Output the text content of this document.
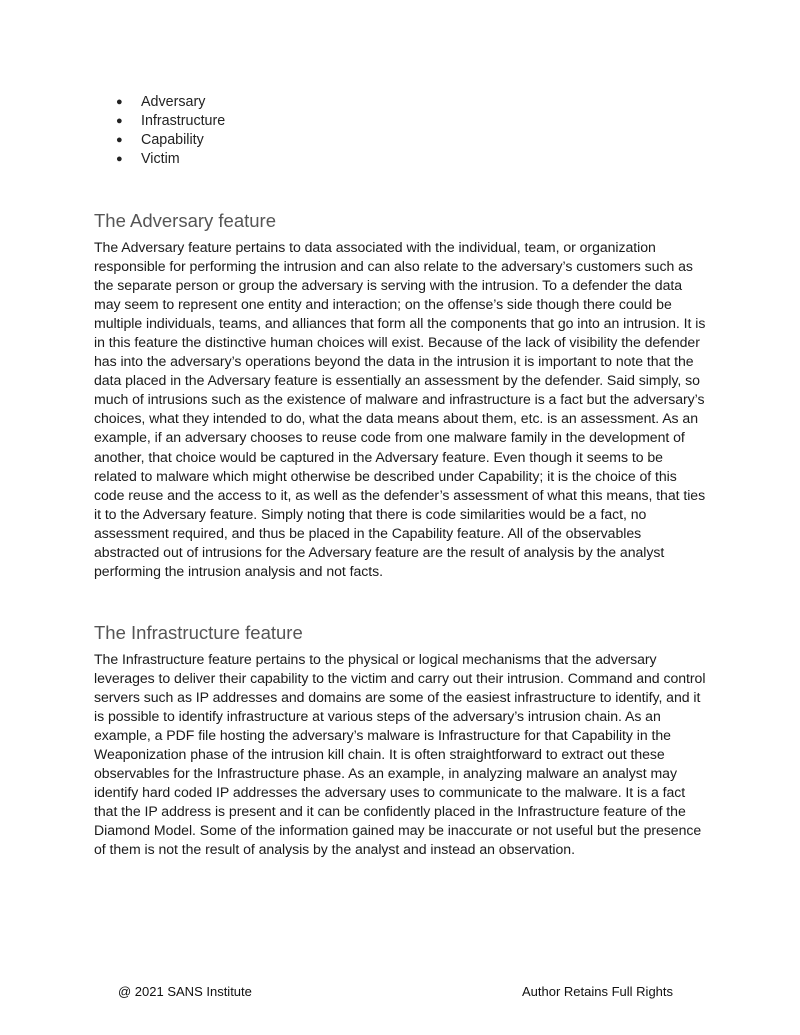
● Adversary
● Infrastructure
● Capability
● Victim
The Adversary feature

The Adversary feature pertains to data associated with the individual, team, or organization responsible for performing the intrusion and can also relate to the adversary’s customers such as the separate person or group the adversary is serving with the intrusion. To a defender the data may seem to represent one entity and interaction; on the offense’s side though there could be multiple individuals, teams, and alliances that form all the components that go into an intrusion. It is in this feature the distinctive human choices will exist. Because of the lack of visibility the defender has into the adversary’s operations beyond the data in the intrusion it is important to note that the data placed in the Adversary feature is essentially an assessment by the defender. Said simply, so much of intrusions such as the existence of malware and infrastructure is a fact but the adversary’s choices, what they intended to do, what the data means about them, etc. is an assessment. As an example, if an adversary chooses to reuse code from one malware family in the development of another, that choice would be captured in the Adversary feature. Even though it seems to be related to malware which might otherwise be described under Capability; it is the choice of this code reuse and the access to it, as well as the defender’s assessment of what this means, that ties it to the Adversary feature. Simply noting that there is code similarities would be a fact, no assessment required, and thus be placed in the Capability feature. All of the observables abstracted out of intrusions for the Adversary feature are the result of analysis by the analyst performing the intrusion analysis and not facts.

The Infrastructure feature

The Infrastructure feature pertains to the physical or logical mechanisms that the adversary leverages to deliver their capability to the victim and carry out their intrusion. Command and control servers such as IP addresses and domains are some of the easiest infrastructure to identify, and it is possible to identify infrastructure at various steps of the adversary’s intrusion chain. As an example, a PDF file hosting the adversary’s malware is Infrastructure for that Capability in the Weaponization phase of the intrusion kill chain. It is often straightforward to extract out these observables for the Infrastructure phase. As an example, in analyzing malware an analyst may identify hard coded IP addresses the adversary uses to communicate to the malware. It is a fact that the IP address is present and it can be confidently placed in the Infrastructure feature of the Diamond Model. Some of the information gained may be inaccurate or not useful but the presence of them is not the result of analysis by the analyst and instead an observation.

@ 2021 SANS Institute	Author Retains Full Rights
